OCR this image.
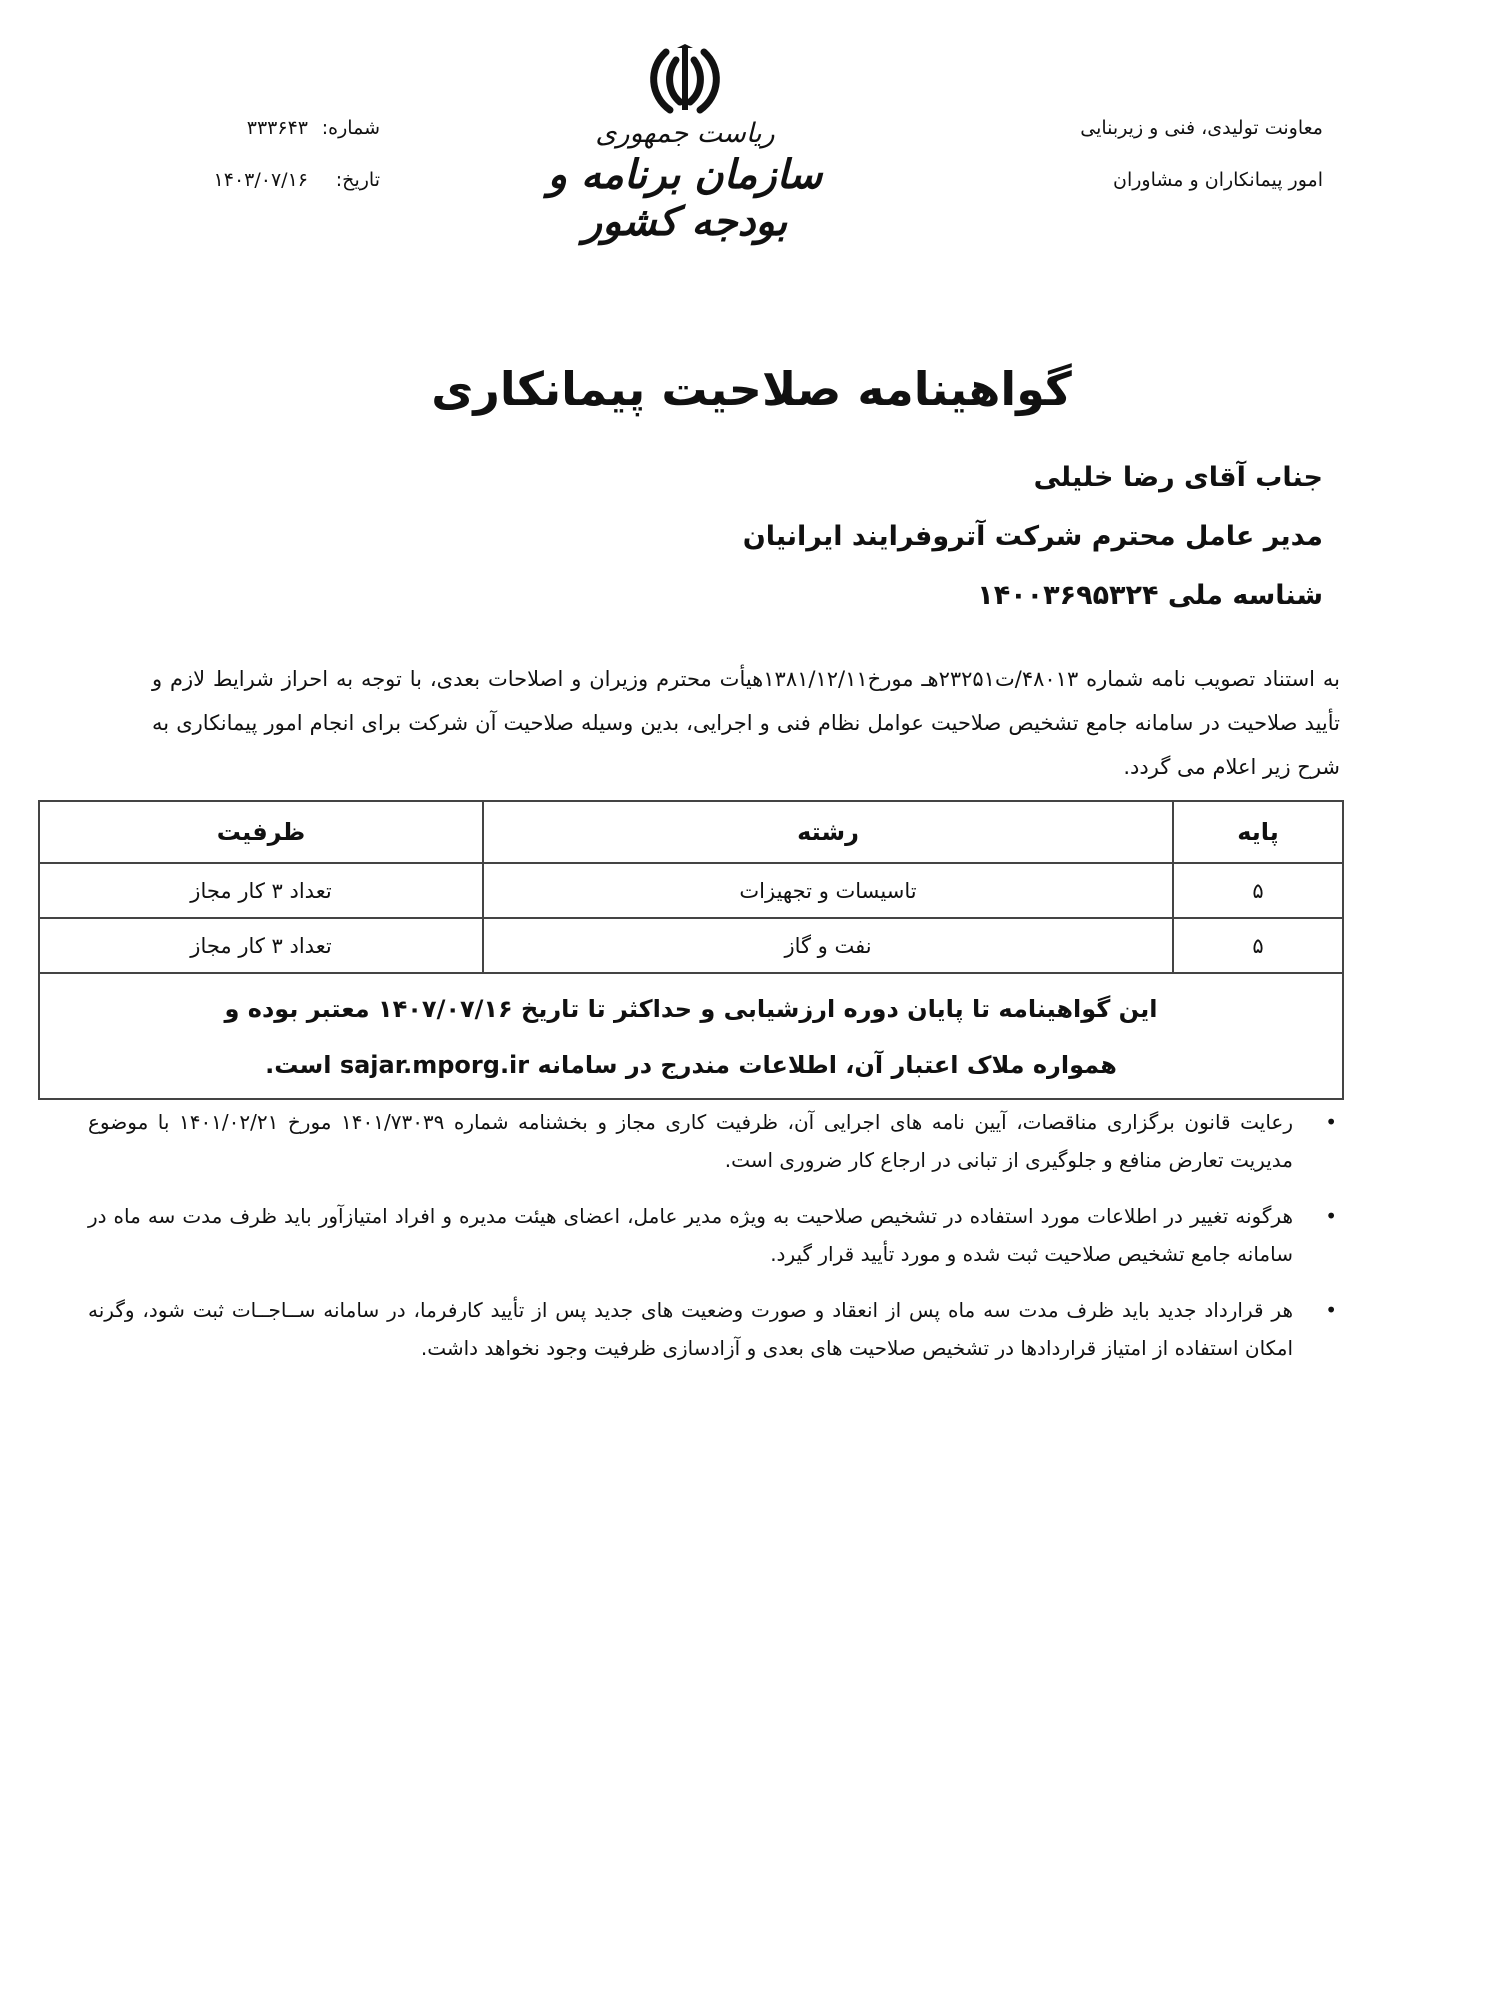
معاونت تولیدی، فنی و زیربنایی
امور پیمانکاران و مشاوران
ریاست جمهوری
سازمان برنامه و بودجه کشور
شماره:
۳۳۳۶۴۳
تاریخ:
۱۴۰۳/۰۷/۱۶
گواهینامه صلاحیت پیمانکاری
جناب آقای رضا خلیلی
مدیر عامل محترم شرکت آتروفرایند ایرانیان
شناسه ملی ۱۴۰۰۳۶۹۵۳۲۴
به استناد تصویب نامه شماره ۴۸۰۱۳/ت۲۳۲۵۱هـ مورخ۱۳۸۱/۱۲/۱۱هیأت محترم وزیران و اصلاحات بعدی، با توجه به احراز شرایط لازم و تأیید صلاحیت در سامانه جامع تشخیص صلاحیت عوامل نظام فنی و اجرایی، بدین وسیله صلاحیت آن شرکت برای انجام امور پیمانکاری به شرح زیر اعلام می گردد.
پایه	رشته	ظرفیت
۵	تاسیسات و تجهیزات	تعداد ۳ کار مجاز
۵	نفت و گاز	تعداد ۳ کار مجاز

این گواهینامه تا پایان دوره ارزشیابی و حداکثر تا تاریخ ۱۴۰۷/۰۷/۱۶ معتبر بوده و
همواره ملاک اعتبار آن، اطلاعات مندرج در سامانه sajar.mporg.ir است.		
• رعایت قانون برگزاری مناقصات، آیین نامه های اجرایی آن، ظرفیت کاری مجاز و بخشنامه شماره ۱۴۰۱/۷۳۰۳۹ مورخ ۱۴۰۱/۰۲/۲۱ با موضوع مدیریت تعارض منافع و جلوگیری از تبانی در ارجاع کار ضروری است.
• هرگونه تغییر در اطلاعات مورد استفاده در تشخیص صلاحیت به ویژه مدیر عامل، اعضای هیئت مدیره و افراد امتیازآور باید ظرف مدت سه ماه در سامانه جامع تشخیص صلاحیت ثبت شده و مورد تأیید قرار گیرد.
• هر قرارداد جدید باید ظرف مدت سه ماه پس از انعقاد و صورت وضعیت های جدید پس از تأیید کارفرما، در سامانه ســاجــات ثبت شود، وگرنه امکان استفاده از امتیاز قراردادها در تشخیص صلاحیت های بعدی و آزادسازی ظرفیت وجود نخواهد داشت.
